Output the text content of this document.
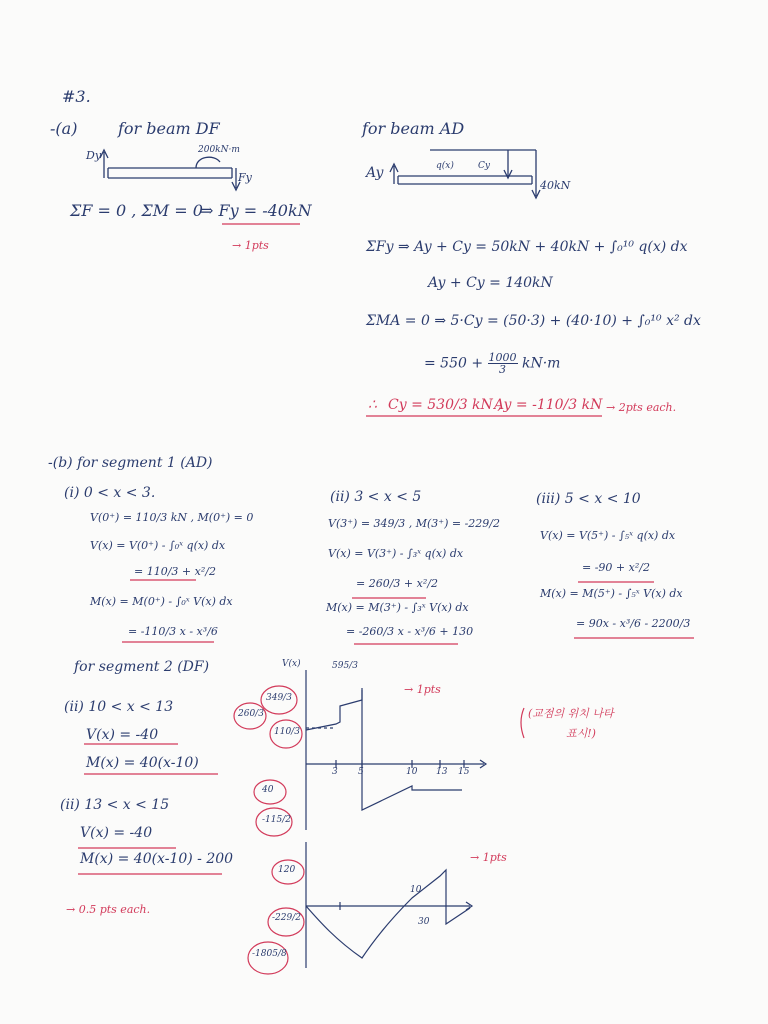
#3.
-(a)	for beam DF
Dy	200kN·m
Fy
ΣF = 0 , ΣM = 0
⇒ Fy = -40kN
→ 1pts
for beam AD
Ay	q(x)	Cy
40kN
ΣFy ⇒ Ay + Cy = 50kN + 40kN + ∫₀¹⁰ q(x) dx
Ay + Cy = 140kN
ΣMA = 0 ⇒ 5·Cy = (50·3) + (40·10) + ∫₀¹⁰ x² dx
= $550 + \frac{1000}{3} kN\cdot m$
∴ Cy = 530/3 kN ,
Ay = -110/3 kN → 2pts each.
-(b) for segment 1 (AD)
(i) 0 < x < 3.
V(0⁺) = 110/3 kN , M(0⁺) = 0
V(x) = V(0⁺) - ∫₀ˣ q(x) dx
= 110/3 + x²/2
M(x) = M(0⁺) - ∫₀ˣ V(x) dx
= -110/3 x - x³/6
(ii) 3 < x < 5
V(3⁺) = 349/3 , M(3⁺) = -229/2
V(x) = V(3⁺) - ∫₃ˣ q(x) dx
= 260/3 + x²/2
M(x) = M(3⁺) - ∫₃ˣ V(x) dx
= -260/3 x - x³/6 + 130
(iii) 5 < x < 10
V(x) = V(5⁺) - ∫₅ˣ q(x) dx
= -90 + x²/2
M(x) = M(5⁺) - ∫₅ˣ V(x) dx
= 90x - x³/6 - 2200/3
for segment 2 (DF)
(ii) 10 < x < 13
V(x) = -40
M(x) = 40(x-10)
(ii) 13 < x < 15
V(x) = -40
M(x) = 40(x-10) - 200
→ 0.5 pts each.
(교점의 위치 나타
표시!)
V(x)	595/3
349/3
260/3
110/3
40
-115/2
3 5	10 13 15
→ 1pts
120
-229/2
-1805/8
10
30
→ 1pts
